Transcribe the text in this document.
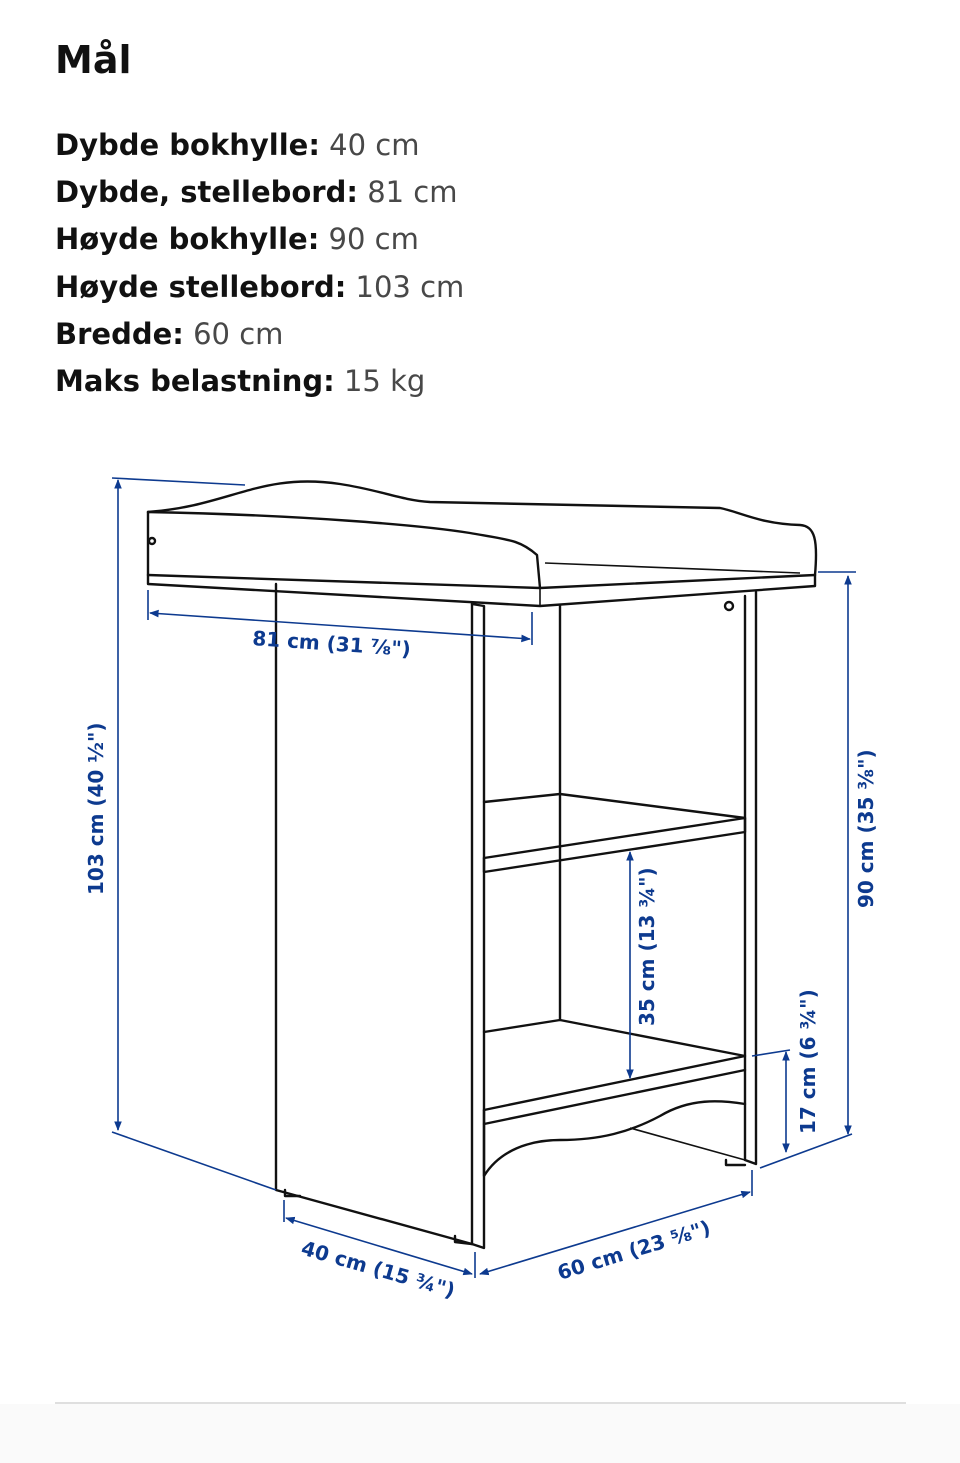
Mål
Dybde bokhylle: 40 cm
Dybde, stellebord: 81 cm
Høyde bokhylle: 90 cm
Høyde stellebord: 103 cm
Bredde: 60 cm
Maks belastning: 15 kg
103 cm (40 ½")
81 cm (31 ⅞")
90 cm (35 ⅜")
35 cm (13 ¾")
17 cm (6 ¾")
40 cm (15 ¾")	60 cm (23 ⅝")
